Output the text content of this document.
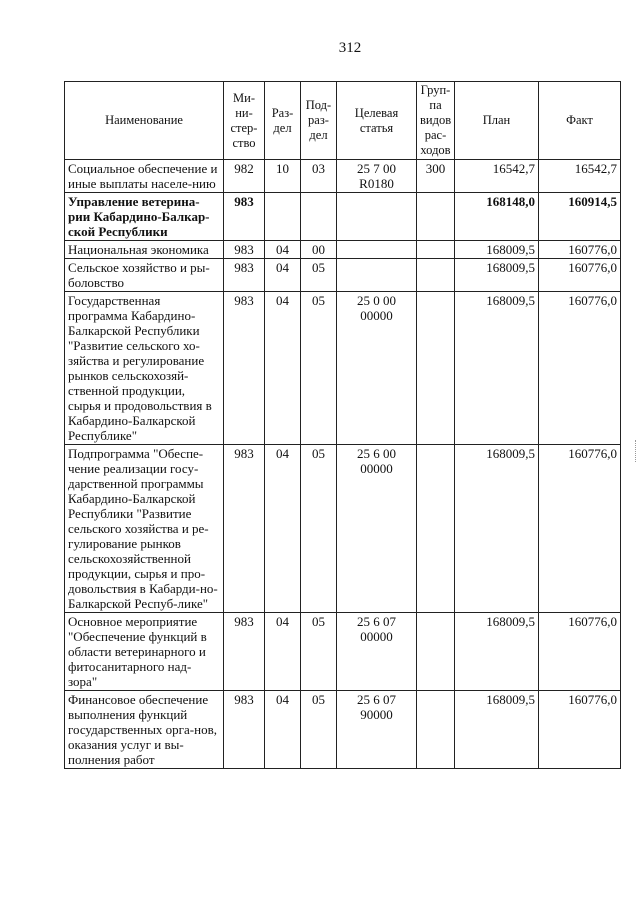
312
Наименование	Ми-
ни-
стер-
ство	Раз-
дел	Под-
раз-
дел	Целевая
статья	Груп-
па
видов
рас-
ходов	План	Факт
Социальное обеспечение и иные выплаты населе-нию	982	10	03	25 7 00 R0180	300	16542,7	16542,7
Управление ветерина-рии Кабардино-Балкар-ской Республики	983					168148,0	160914,5
Национальная экономика	983	04	00			168009,5	160776,0
Сельское хозяйство и ры-боловство	983	04	05			168009,5	160776,0
Государственная программа Кабардино-Балкарской Республики "Развитие сельского хо-зяйства и регулирование рынков сельскохозяй-ственной продукции, сырья и продовольствия в Кабардино-Балкарской Республике"	983	04	05	25 0 00 00000		168009,5	160776,0
Подпрограмма "Обеспе-чение реализации госу-дарственной программы Кабардино-Балкарской Республики "Развитие сельского хозяйства и ре-гулирование рынков сельскохозяйственной продукции, сырья и про-довольствия в Кабарди-но-Балкарской Респуб-лике"	983	04	05	25 6 00 00000		168009,5	160776,0
Основное мероприятие "Обеспечение функций в области ветеринарного и фитосанитарного над-зора"	983	04	05	25 6 07 00000		168009,5	160776,0
Финансовое обеспечение выполнения функций государственных орга-нов, оказания услуг и вы-полнения работ	983	04	05	25 6 07 90000		168009,5	160776,0
